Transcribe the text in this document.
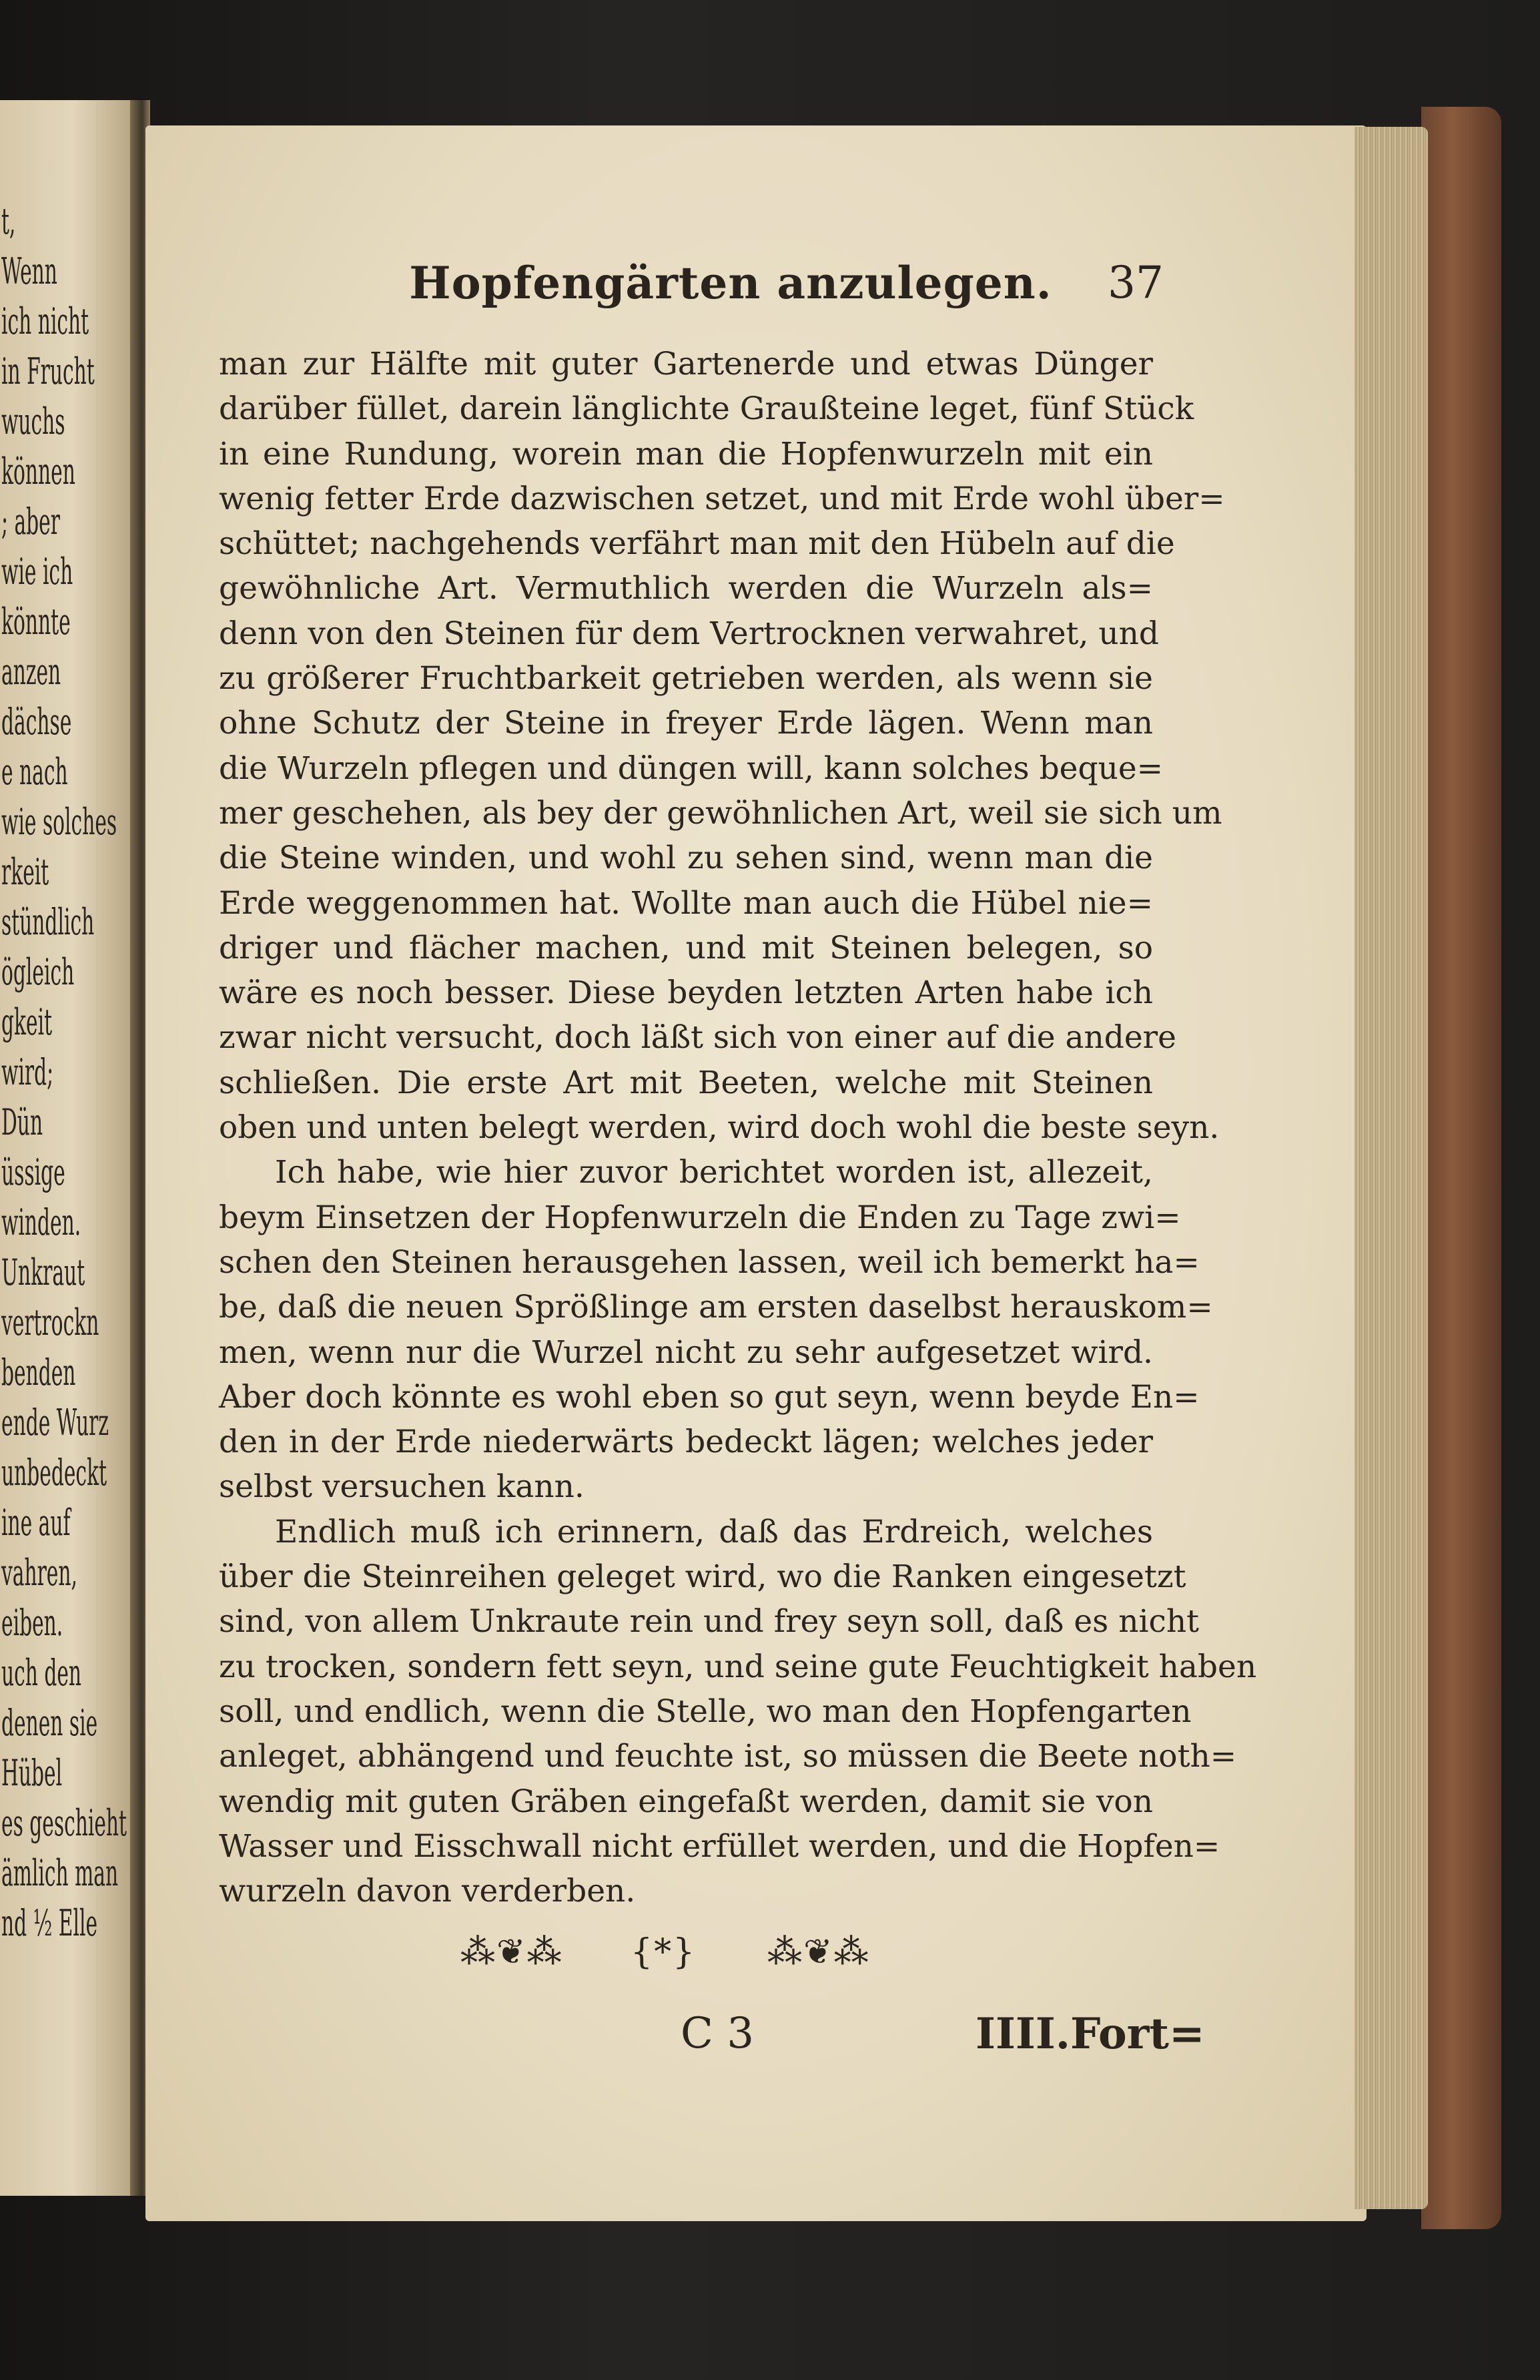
t,
Wenn
ich nicht
in Frucht
wuchs
können
; aber
wie ich
könnte
anzen
dächse
e nach
wie solches
rkeit
stündlich
ögleich
gkeit
wird;
Dün
üssige
winden.
Unkraut
vertrockn
benden
ende Wurz
unbedeckt
ine auf
vahren,
eiben.
uch den
denen sie
Hübel
es geschieht
ämlich man
nd ½ Elle
Hopfengärten anzulegen.	37
man zur Hälfte mit guter Gartenerde und etwas Dünger
darüber füllet, darein länglichte Graußteine leget, fünf Stück
in eine Rundung, worein man die Hopfenwurzeln mit ein
wenig fetter Erde dazwischen setzet, und mit Erde wohl über=
schüttet; nachgehends verfährt man mit den Hübeln auf die
gewöhnliche Art. Vermuthlich werden die Wurzeln als=
denn von den Steinen für dem Vertrocknen verwahret, und
zu größerer Fruchtbarkeit getrieben werden, als wenn sie
ohne Schutz der Steine in freyer Erde lägen. Wenn man
die Wurzeln pflegen und düngen will, kann solches beque=
mer geschehen, als bey der gewöhnlichen Art, weil sie sich um
die Steine winden, und wohl zu sehen sind, wenn man die
Erde weggenommen hat. Wollte man auch die Hübel nie=
driger und flächer machen, und mit Steinen belegen, so
wäre es noch besser. Diese beyden letzten Arten habe ich
zwar nicht versucht, doch läßt sich von einer auf die andere
schließen. Die erste Art mit Beeten, welche mit Steinen
oben und unten belegt werden, wird doch wohl die beste seyn.
Ich habe, wie hier zuvor berichtet worden ist, allezeit,
beym Einsetzen der Hopfenwurzeln die Enden zu Tage zwi=
schen den Steinen herausgehen lassen, weil ich bemerkt ha=
be, daß die neuen Sprößlinge am ersten daselbst herauskom=
men, wenn nur die Wurzel nicht zu sehr aufgesetzet wird.
Aber doch könnte es wohl eben so gut seyn, wenn beyde En=
den in der Erde niederwärts bedeckt lägen; welches jeder
selbst versuchen kann.
Endlich muß ich erinnern, daß das Erdreich, welches
über die Steinreihen geleget wird, wo die Ranken eingesetzt
sind, von allem Unkraute rein und frey seyn soll, daß es nicht
zu trocken, sondern fett seyn, und seine gute Feuchtigkeit haben
soll, und endlich, wenn die Stelle, wo man den Hopfengarten
anleget, abhängend und feuchte ist, so müssen die Beete noth=
wendig mit guten Gräben eingefaßt werden, damit sie von
Wasser und Eisschwall nicht erfüllet werden, und die Hopfen=
wurzeln davon verderben.
⁂❦⁂ {*} ⁂❦⁂
C 3	IIII.Fort=
